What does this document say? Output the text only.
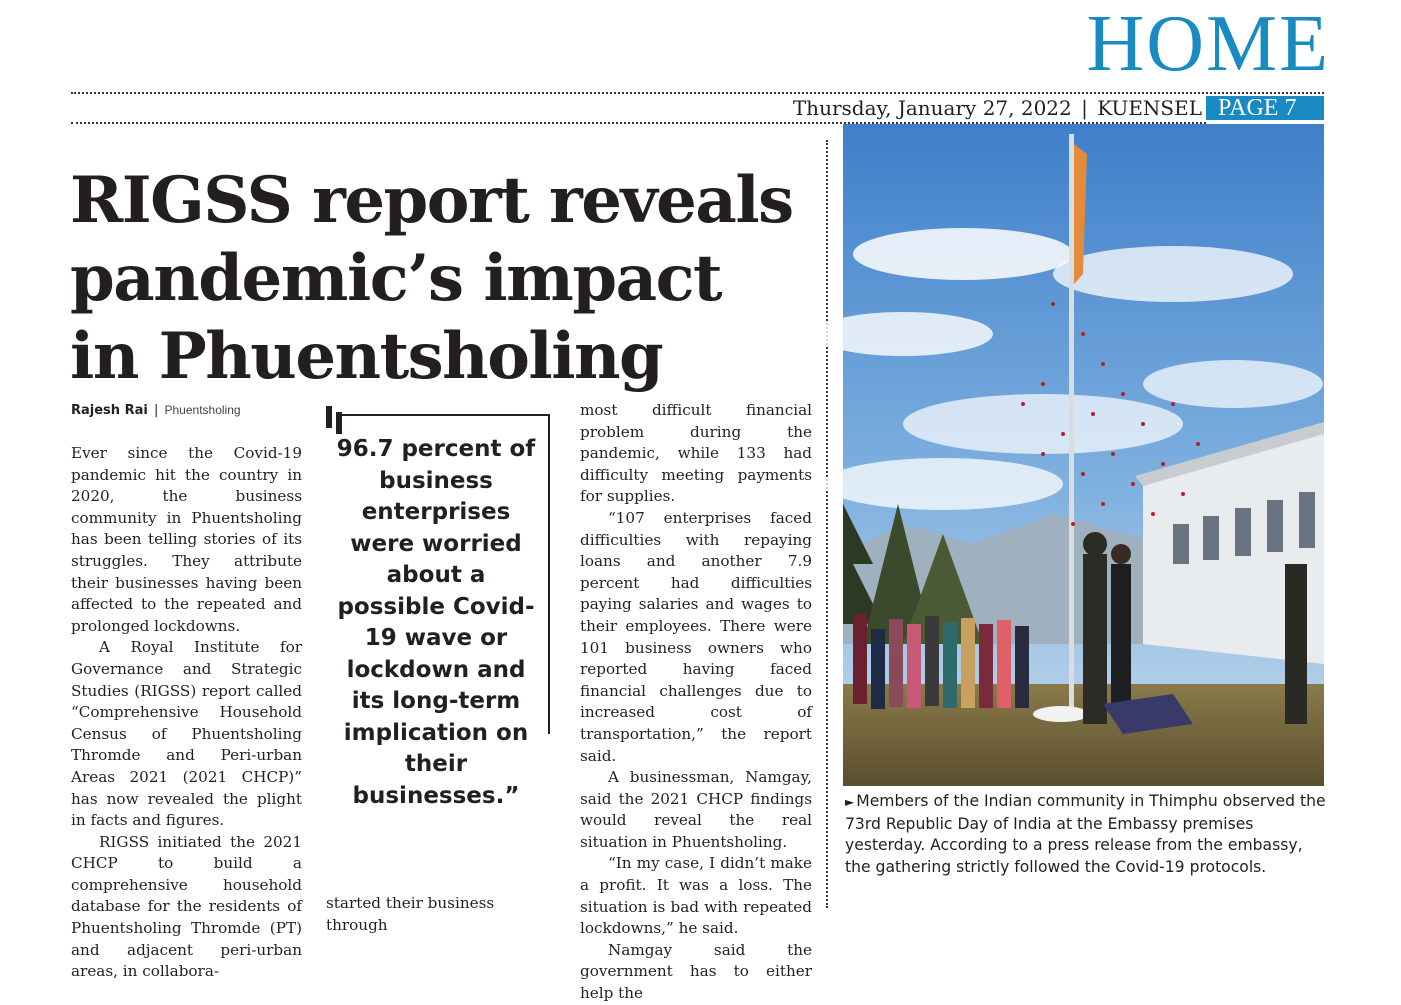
HOME
Thursday, January 27, 2022 | KUENSEL PAGE 7
RIGSS report reveals
pandemic’s impact
in Phuentsholing
Rajesh Rai | Phuentsholing

Ever since the Covid-19 pandemic hit the country in 2020, the business community in Phuentsholing has been telling stories of its struggles. They attribute their businesses having been affected to the repeated and prolonged lockdowns.

A Royal Institute for Governance and Strategic Studies (RIGSS) report called “Comprehensive Household Census of Phuentsholing Thromde and Peri-urban Areas 2021 (2021 CHCP)” has now revealed the plight in facts and figures.

RIGSS initiated the 2021 CHCP to build a comprehensive household database for the residents of Phuentsholing Thromde (PT) and adjacent peri-urban areas, in collabora-

96.7 percent of business enterprises were worried about a possible Covid-19 wave or lockdown and its long-term implication on their businesses.”
started their business through

most difficult financial problem during the pandemic, while 133 had difficulty meeting payments for supplies.

“107 enterprises faced difficulties with repaying loans and another 7.9 percent had difficulties paying salaries and wages to their employees. There were 101 business owners who reported having faced financial challenges due to increased cost of transportation,” the report said.

A businessman, Namgay, said the 2021 CHCP findings would reveal the real situation in Phuentsholing.

“In my case, I didn’t make a profit. It was a loss. The situation is bad with repeated lockdowns,” he said.

Namgay said the government has to either help the

► Members of the Indian community in Thimphu observed the 73rd Republic Day of India at the Embassy premises yesterday. According to a press release from the embassy, the gathering strictly followed the Covid-19 protocols.
